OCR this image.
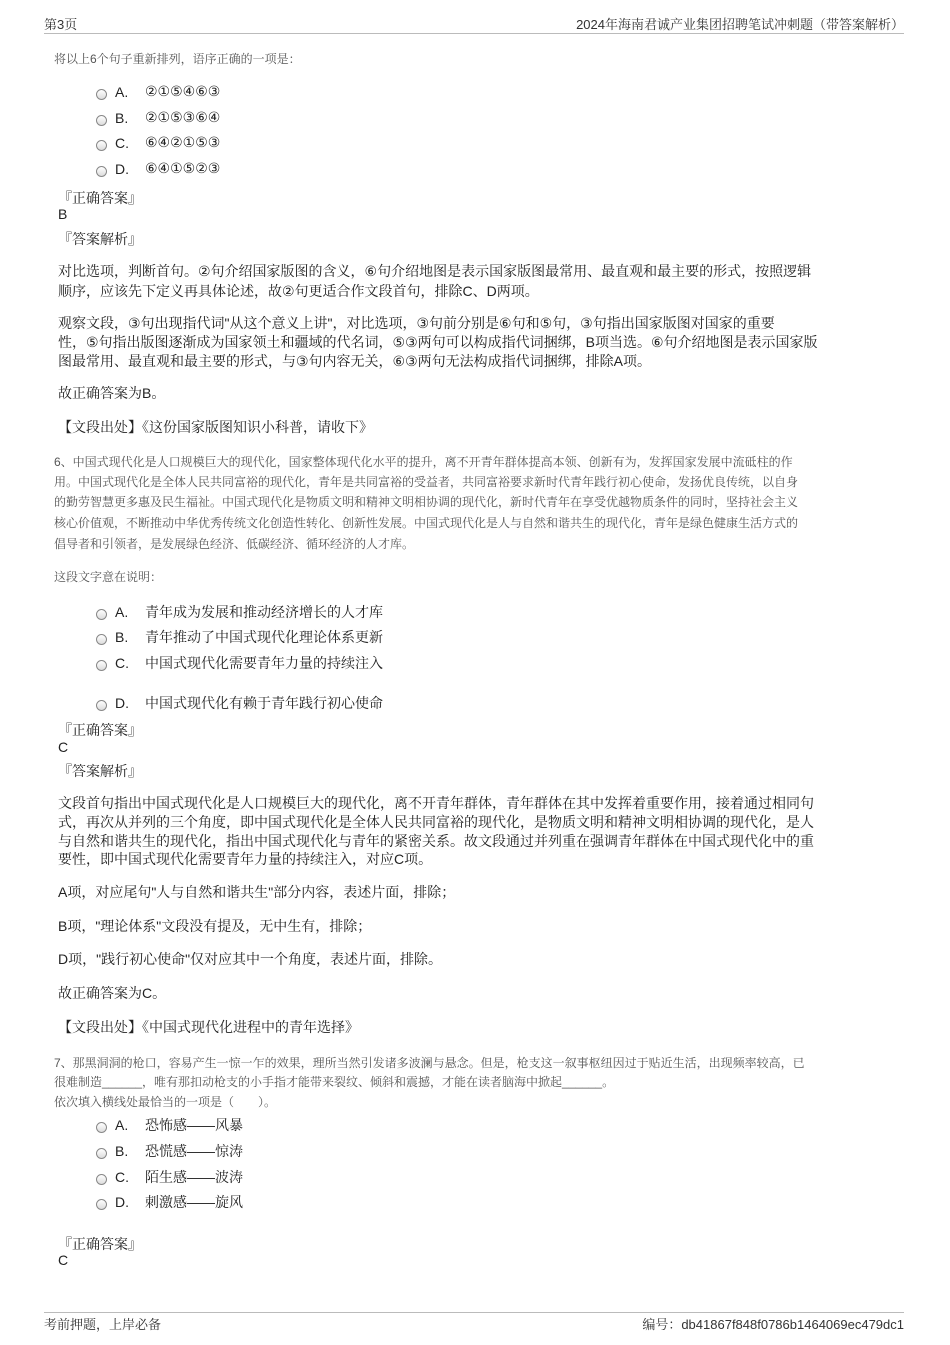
第3页	2024年海南君诚产业集团招聘笔试冲刺题（带答案解析）
将以上6个句子重新排列，语序正确的一项是：
A.	②①⑤④⑥③
B.	②①⑤③⑥④
C.	⑥④②①⑤③
D.	⑥④①⑤②③
『正确答案』
B
『答案解析』
对比选项，判断首句。②句介绍国家版图的含义，⑥句介绍地图是表示国家版图最常用、最直观和最主要的形式，按照逻辑
顺序，应该先下定义再具体论述，故②句更适合作文段首句，排除C、D两项。
观察文段，③句出现指代词"从这个意义上讲"，对比选项，③句前分别是⑥句和⑤句，③句指出国家版图对国家的重要
性，⑤句指出版图逐渐成为国家领土和疆域的代名词，⑤③两句可以构成指代词捆绑，B项当选。⑥句介绍地图是表示国家版
图最常用、最直观和最主要的形式，与③句内容无关，⑥③两句无法构成指代词捆绑，排除A项。
故正确答案为B。
【文段出处】《这份国家版图知识小科普，请收下》
6、中国式现代化是人口规模巨大的现代化，国家整体现代化水平的提升，离不开青年群体提高本领、创新有为，发挥国家发展中流砥柱的作
用。中国式现代化是全体人民共同富裕的现代化，青年是共同富裕的受益者，共同富裕要求新时代青年践行初心使命，发扬优良传统，以自身
的勤劳智慧更多惠及民生福祉。中国式现代化是物质文明和精神文明相协调的现代化，新时代青年在享受优越物质条件的同时，坚持社会主义
核心价值观，不断推动中华优秀传统文化创造性转化、创新性发展。中国式现代化是人与自然和谐共生的现代化，青年是绿色健康生活方式的
倡导者和引领者，是发展绿色经济、低碳经济、循环经济的人才库。
这段文字意在说明：
A.	青年成为发展和推动经济增长的人才库
B.	青年推动了中国式现代化理论体系更新
C.	中国式现代化需要青年力量的持续注入
D.	中国式现代化有赖于青年践行初心使命
『正确答案』
C
『答案解析』
文段首句指出中国式现代化是人口规模巨大的现代化，离不开青年群体，青年群体在其中发挥着重要作用，接着通过相同句
式，再次从并列的三个角度，即中国式现代化是全体人民共同富裕的现代化，是物质文明和精神文明相协调的现代化，是人
与自然和谐共生的现代化，指出中国式现代化与青年的紧密关系。故文段通过并列重在强调青年群体在中国式现代化中的重
要性，即中国式现代化需要青年力量的持续注入，对应C项。
A项，对应尾句"人与自然和谐共生"部分内容，表述片面，排除；
B项，"理论体系"文段没有提及，无中生有，排除；
D项，"践行初心使命"仅对应其中一个角度，表述片面，排除。
故正确答案为C。
【文段出处】《中国式现代化进程中的青年选择》
7、那黑洞洞的枪口，容易产生一惊一乍的效果，理所当然引发诸多波澜与悬念。但是，枪支这一叙事枢纽因过于贴近生活，出现频率较高，已
很难制造______，唯有那扣动枪支的小手指才能带来裂纹、倾斜和震撼，才能在读者脑海中掀起______。
依次填入横线处最恰当的一项是（　　）。
A.	恐怖感——风暴
B.	恐慌感——惊涛
C.	陌生感——波涛
D.	刺激感——旋风
『正确答案』
C
考前押题，上岸必备	编号：db41867f848f0786b1464069ec479dc1
